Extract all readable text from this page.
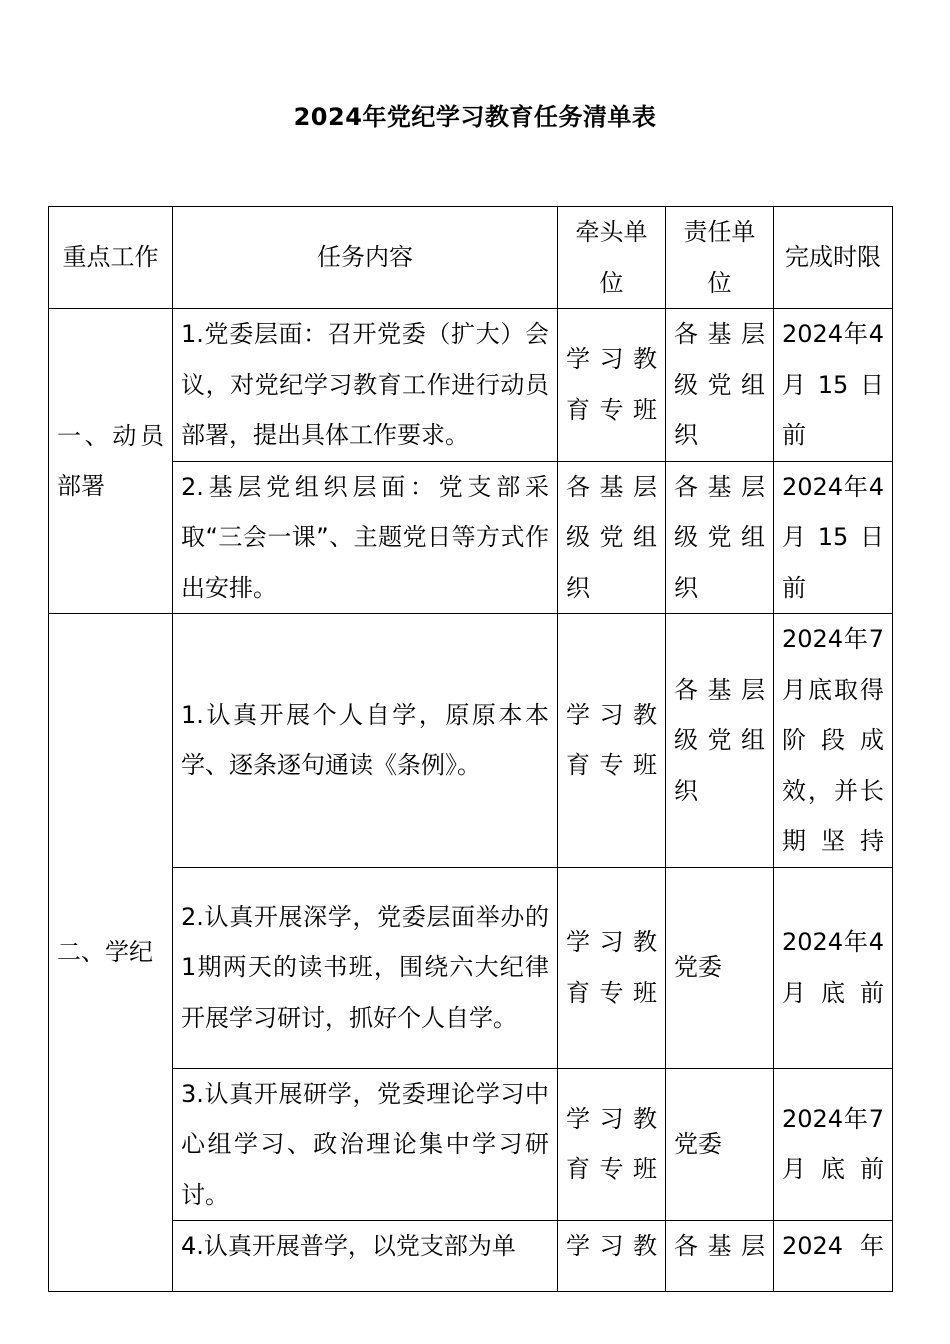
2024年党纪学习教育任务清单表
重点工作	任务内容	牵头单位	责任单位	完成时限
一、动员部署	1.党委层面：召开党委（扩大）会议，对党纪学习教育工作进行动员部署，提出具体工作要求。	学习教育专班	各基层级党组织	2024年4月15日前
	2.基层党组织层面：党支部采取“三会一课”、主题党日等方式作出安排。	各基层级党组织	各基层级党组织	2024年4月15日前
二、学纪	1.认真开展个人自学，原原本本学、逐条逐句通读《条例》。	学习教育专班	各基层级党组织	2024年7月底取得阶段成效，并长期坚持
	2.认真开展深学，党委层面举办的1期两天的读书班，围绕六大纪律开展学习研讨，抓好个人自学。	学习教育专班	党委	2024年4月底前
	3.认真开展研学，党委理论学习中心组学习、政治理论集中学习研讨。	学习教育专班	党委	2024年7月底前
	4.认真开展普学，以党支部为单	学习教	各基层	2024年
